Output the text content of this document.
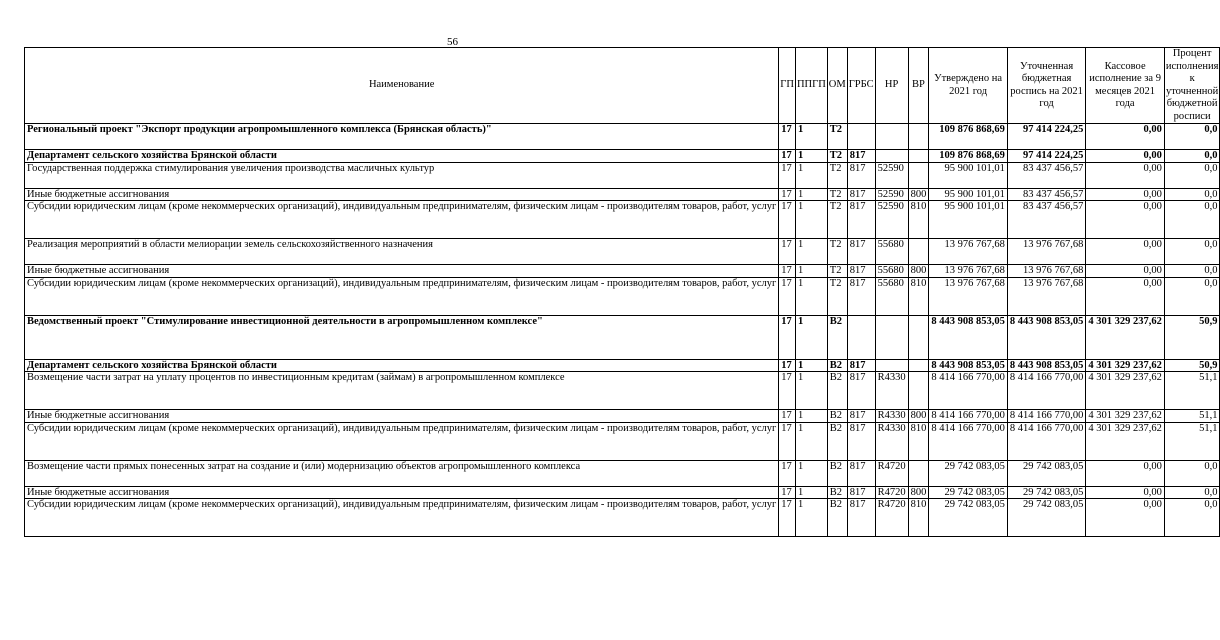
56
Наименование	ГП	ППГП	ОМ	ГРБС	НР	ВР	Утверждено на 2021 год	Уточненная бюджетная роспись на 2021 год	Кассовое исполнение за 9 месяцев 2021 года	Процент исполнения к уточненной бюджетной росписи
Региональный проект "Экспорт продукции агропромышленного комплекса (Брянская область)"	17	1	T2				109 876 868,69	97 414 224,25	0,00	0,0
Департамент сельского хозяйства Брянской области	17	1	T2	817			109 876 868,69	97 414 224,25	0,00	0,0
Государственная поддержка стимулирования увеличения производства масличных культур	17	1	T2	817	52590		95 900 101,01	83 437 456,57	0,00	0,0
Иные бюджетные ассигнования	17	1	T2	817	52590	800	95 900 101,01	83 437 456,57	0,00	0,0
Субсидии юридическим лицам (кроме некоммерческих организаций), индивидуальным предпринимателям, физическим лицам - производителям товаров, работ, услуг	17	1	T2	817	52590	810	95 900 101,01	83 437 456,57	0,00	0,0
Реализация мероприятий в области мелиорации земель сельскохозяйственного назначения	17	1	T2	817	55680		13 976 767,68	13 976 767,68	0,00	0,0
Иные бюджетные ассигнования	17	1	T2	817	55680	800	13 976 767,68	13 976 767,68	0,00	0,0
Субсидии юридическим лицам (кроме некоммерческих организаций), индивидуальным предпринимателям, физическим лицам - производителям товаров, работ, услуг	17	1	T2	817	55680	810	13 976 767,68	13 976 767,68	0,00	0,0
Ведомственный проект "Стимулирование инвестиционной деятельности в агропромышленном комплексе"	17	1	B2				8 443 908 853,05	8 443 908 853,05	4 301 329 237,62	50,9
Департамент сельского хозяйства Брянской области	17	1	B2	817			8 443 908 853,05	8 443 908 853,05	4 301 329 237,62	50,9
Возмещение части затрат на уплату процентов по инвестиционным кредитам (займам) в агропромышленном комплексе	17	1	B2	817	R4330		8 414 166 770,00	8 414 166 770,00	4 301 329 237,62	51,1
Иные бюджетные ассигнования	17	1	B2	817	R4330	800	8 414 166 770,00	8 414 166 770,00	4 301 329 237,62	51,1
Субсидии юридическим лицам (кроме некоммерческих организаций), индивидуальным предпринимателям, физическим лицам - производителям товаров, работ, услуг	17	1	B2	817	R4330	810	8 414 166 770,00	8 414 166 770,00	4 301 329 237,62	51,1
Возмещение части прямых понесенных затрат на создание и (или) модернизацию объектов агропромышленного комплекса	17	1	B2	817	R4720		29 742 083,05	29 742 083,05	0,00	0,0
Иные бюджетные ассигнования	17	1	B2	817	R4720	800	29 742 083,05	29 742 083,05	0,00	0,0
Субсидии юридическим лицам (кроме некоммерческих организаций), индивидуальным предпринимателям, физическим лицам - производителям товаров, работ, услуг	17	1	B2	817	R4720	810	29 742 083,05	29 742 083,05	0,00	0,0
